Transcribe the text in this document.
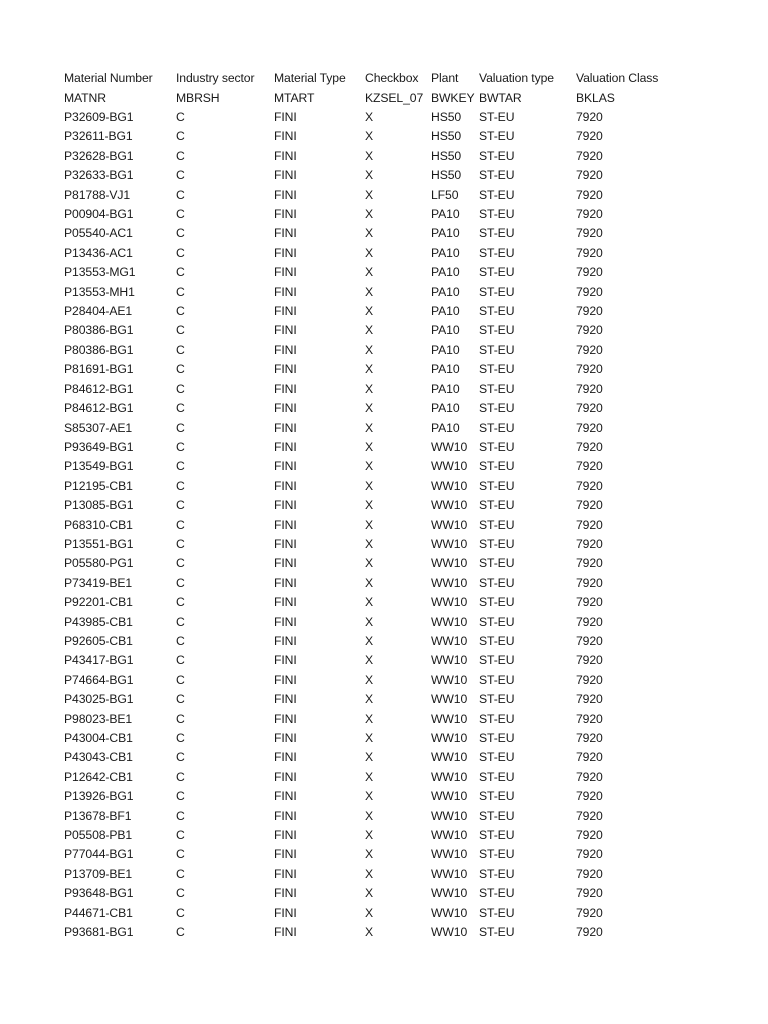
Material Number	Industry sector	Material Type	Checkbox	Plant	Valuation type	Valuation Class
MATNR	MBRSH	MTART	KZSEL_07	BWKEY	BWTAR	BKLAS
P32609-BG1	C	FINI	X	HS50	ST-EU	7920
P32611-BG1	C	FINI	X	HS50	ST-EU	7920
P32628-BG1	C	FINI	X	HS50	ST-EU	7920
P32633-BG1	C	FINI	X	HS50	ST-EU	7920
P81788-VJ1	C	FINI	X	LF50	ST-EU	7920
P00904-BG1	C	FINI	X	PA10	ST-EU	7920
P05540-AC1	C	FINI	X	PA10	ST-EU	7920
P13436-AC1	C	FINI	X	PA10	ST-EU	7920
P13553-MG1	C	FINI	X	PA10	ST-EU	7920
P13553-MH1	C	FINI	X	PA10	ST-EU	7920
P28404-AE1	C	FINI	X	PA10	ST-EU	7920
P80386-BG1	C	FINI	X	PA10	ST-EU	7920
P80386-BG1	C	FINI	X	PA10	ST-EU	7920
P81691-BG1	C	FINI	X	PA10	ST-EU	7920
P84612-BG1	C	FINI	X	PA10	ST-EU	7920
P84612-BG1	C	FINI	X	PA10	ST-EU	7920
S85307-AE1	C	FINI	X	PA10	ST-EU	7920
P93649-BG1	C	FINI	X	WW10	ST-EU	7920
P13549-BG1	C	FINI	X	WW10	ST-EU	7920
P12195-CB1	C	FINI	X	WW10	ST-EU	7920
P13085-BG1	C	FINI	X	WW10	ST-EU	7920
P68310-CB1	C	FINI	X	WW10	ST-EU	7920
P13551-BG1	C	FINI	X	WW10	ST-EU	7920
P05580-PG1	C	FINI	X	WW10	ST-EU	7920
P73419-BE1	C	FINI	X	WW10	ST-EU	7920
P92201-CB1	C	FINI	X	WW10	ST-EU	7920
P43985-CB1	C	FINI	X	WW10	ST-EU	7920
P92605-CB1	C	FINI	X	WW10	ST-EU	7920
P43417-BG1	C	FINI	X	WW10	ST-EU	7920
P74664-BG1	C	FINI	X	WW10	ST-EU	7920
P43025-BG1	C	FINI	X	WW10	ST-EU	7920
P98023-BE1	C	FINI	X	WW10	ST-EU	7920
P43004-CB1	C	FINI	X	WW10	ST-EU	7920
P43043-CB1	C	FINI	X	WW10	ST-EU	7920
P12642-CB1	C	FINI	X	WW10	ST-EU	7920
P13926-BG1	C	FINI	X	WW10	ST-EU	7920
P13678-BF1	C	FINI	X	WW10	ST-EU	7920
P05508-PB1	C	FINI	X	WW10	ST-EU	7920
P77044-BG1	C	FINI	X	WW10	ST-EU	7920
P13709-BE1	C	FINI	X	WW10	ST-EU	7920
P93648-BG1	C	FINI	X	WW10	ST-EU	7920
P44671-CB1	C	FINI	X	WW10	ST-EU	7920
P93681-BG1	C	FINI	X	WW10	ST-EU	7920
